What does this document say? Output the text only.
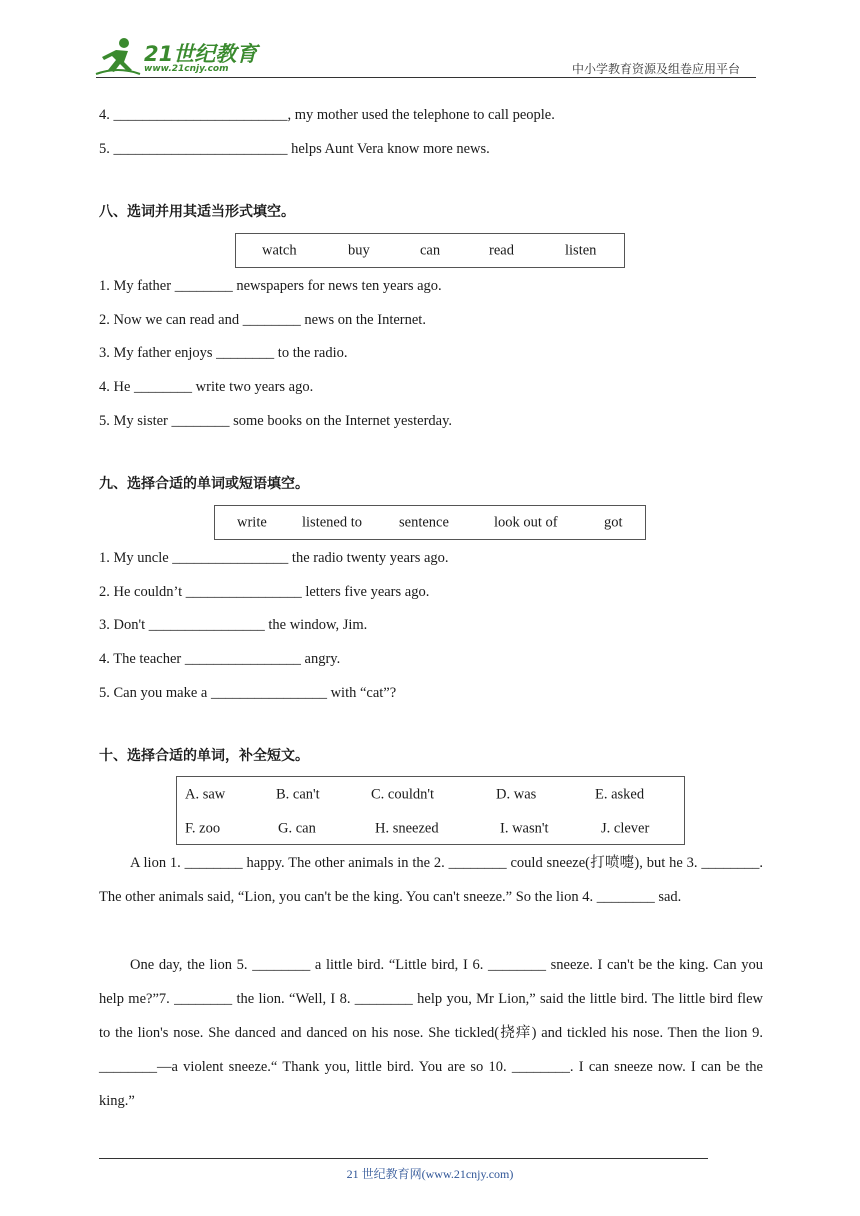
21世纪教育
www.21cnjy.com	中小学教育资源及组卷应用平台
4. ________________________, my mother used the telephone to call people.
5. ________________________ helps Aunt Vera know more news.
八、选词并用其适当形式填空。
watch	buy	can	read	listen
1. My father ________ newspapers for news ten years ago.
2. Now we can read and ________ news on the Internet.
3. My father enjoys ________ to the radio.
4. He ________ write two years ago.
5. My sister ________ some books on the Internet yesterday.
九、选择合适的单词或短语填空。
write listened to	sentence	look out of	got
1. My uncle ________________ the radio twenty years ago.
2. He couldn’t ________________ letters five years ago.
3. Don't ________________ the window, Jim.
4. The teacher ________________ angry.
5. Can you make a ________________ with “cat”?
十、选择合适的单词，补全短文。
A. saw	B. can't	C. couldn't	D. was	E. asked
F. zoo	G. can	H. sneezed	I. wasn't	J. clever
A lion 1. ________ happy. The other animals in the 2. ________ could sneeze(打喷嚏), but he 3. ________. The other animals said, “Lion, you can't be the king. You can't sneeze.” So the lion 4. ________ sad.
One day, the lion 5. ________ a little bird. “Little bird, I 6. ________ sneeze. I can't be the king. Can you help me?”7. ________ the lion. “Well, I 8. ________ help you, Mr Lion,” said the little bird. The little bird flew to the lion's nose. She danced and danced on his nose. She tickled(挠痒) and tickled his nose. Then the lion 9. ________—a violent sneeze.“ Thank you, little bird. You are so 10. ________. I can sneeze now. I can be the king.”
21 世纪教育网(www.21cnjy.com)
